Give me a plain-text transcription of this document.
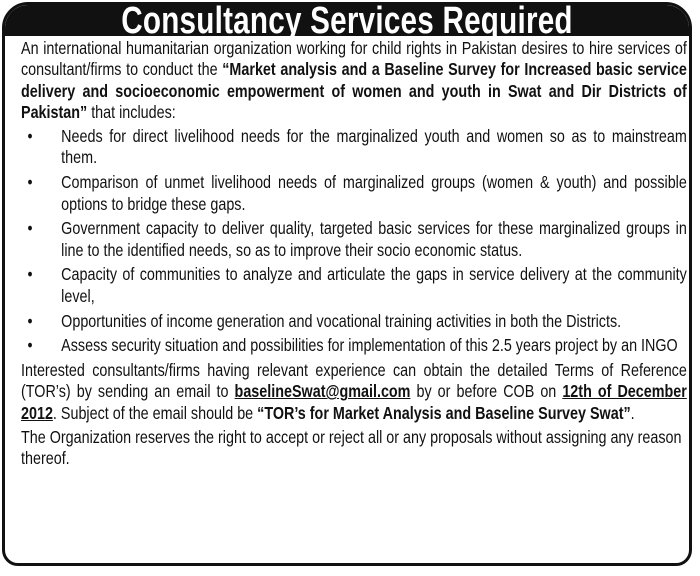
Consultancy Services Required

An international humanitarian organization working for child rights in Pakistan desires to hire services of consultant/firms to conduct the “Market analysis and a Baseline Survey for Increased basic service delivery and socioeconomic empowerment of women and youth in Swat and Dir Districts of Pakistan” that includes:

• Needs for direct livelihood needs for the marginalized youth and women so as to mainstream them.
• Comparison of unmet livelihood needs of marginalized groups (women & youth) and possible options to bridge these gaps.
• Government capacity to deliver quality, targeted basic services for these marginalized groups in line to the identified needs, so as to improve their socio economic status.
• Capacity of communities to analyze and articulate the gaps in service delivery at the community level,
• Opportunities of income generation and vocational training activities in both the Districts.
• Assess security situation and possibilities for implementation of this 2.5 years project by an INGO

Interested consultants/firms having relevant experience can obtain the detailed Terms of Reference (TOR’s) by sending an email to baselineSwat@gmail.com by or before COB on 12th of December 2012. Subject of the email should be “TOR’s for Market Analysis and Baseline Survey Swat”.

The Organization reserves the right to accept or reject all or any proposals without assigning any reason thereof.
